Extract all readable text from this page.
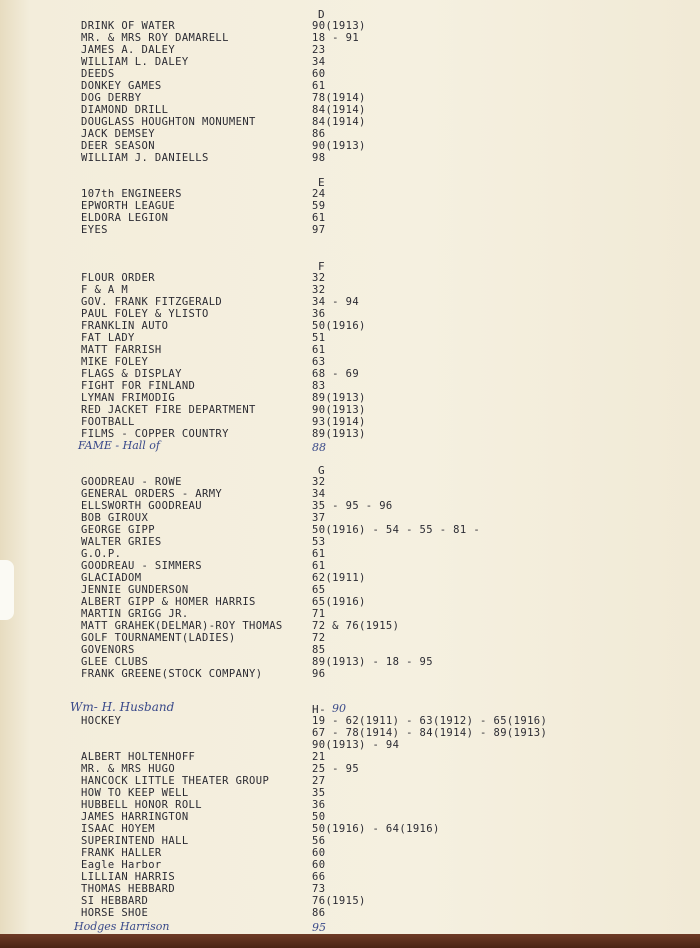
D
DRINK OF WATER	90(1913)
MR. & MRS ROY DAMARELL	18 - 91
JAMES A. DALEY	23
WILLIAM L. DALEY	34
DEEDS	60
DONKEY GAMES	61
DOG DERBY	78(1914)
DIAMOND DRILL	84(1914)
DOUGLASS HOUGHTON MONUMENT	84(1914)
JACK DEMSEY	86
DEER SEASON	90(1913)
WILLIAM J. DANIELLS	98
E
107th ENGINEERS	24
EPWORTH LEAGUE	59
ELDORA LEGION	61
EYES	97
F
FLOUR ORDER	32
F & A M	32
GOV. FRANK FITZGERALD	34 - 94
PAUL FOLEY & YLISTO	36
FRANKLIN AUTO	50(1916)
FAT LADY	51
MATT FARRISH	61
MIKE FOLEY	63
FLAGS & DISPLAY	68 - 69
FIGHT FOR FINLAND	83
LYMAN FRIMODIG	89(1913)
RED JACKET FIRE DEPARTMENT	90(1913)
FOOTBALL	93(1914)
FILMS - COPPER COUNTRY	89(1913)
FAME - Hall of	88
G
GOODREAU - ROWE	32
GENERAL ORDERS - ARMY	34
ELLSWORTH GOODREAU	35 - 95 - 96
BOB GIROUX	37
GEORGE GIPP	50(1916) - 54 - 55 - 81 -
WALTER GRIES	53
G.O.P.	61
GOODREAU - SIMMERS	61
GLACIADOM	62(1911)
JENNIE GUNDERSON	65
ALBERT GIPP & HOMER HARRIS	65(1916)
MARTIN GRIGG JR.	71
MATT GRAHEK(DELMAR)-ROY THOMAS	72 & 76(1915)
GOLF TOURNAMENT(LADIES)	72
GOVENORS	85
GLEE CLUBS	89(1913) - 18 - 95
FRANK GREENE(STOCK COMPANY)	96
Wm- H. Husband	H- 90
HOCKEY	19 - 62(1911) - 63(1912) - 65(1916)
67 - 78(1914) - 84(1914) - 89(1913)
90(1913) - 94
ALBERT HOLTENHOFF	21
MR. & MRS HUGO	25 - 95
HANCOCK LITTLE THEATER GROUP	27
HOW TO KEEP WELL	35
HUBBELL HONOR ROLL	36
JAMES HARRINGTON	50
ISAAC HOYEM	50(1916) - 64(1916)
SUPERINTEND HALL	56
FRANK HALLER	60
Eagle Harbor	60
LILLIAN HARRIS	66
THOMAS HEBBARD	73
SI HEBBARD	76(1915)
HORSE SHOE	86
Hodges Harrison	95
